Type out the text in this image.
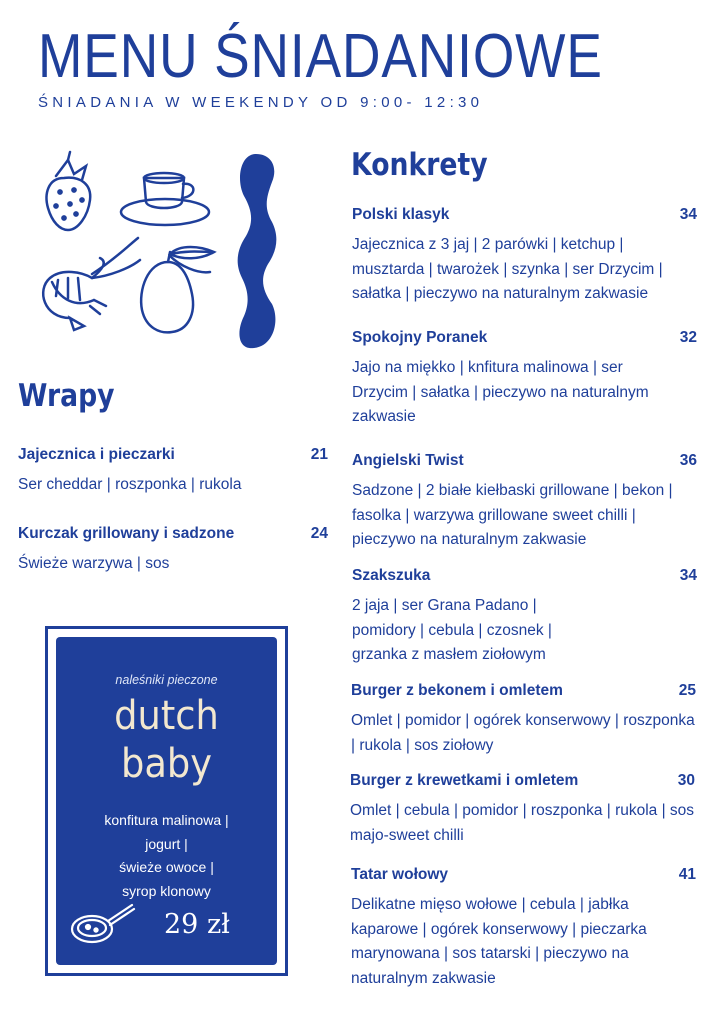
MENU ŚNIADANIOWE
ŚNIADANIA W WEEKENDY OD 9:00- 12:30
Wrapy
Jajecznica i pieczarki	21
Ser cheddar | roszponka | rukola
Kurczak grillowany i sadzone	24
Świeże warzywa | sos
naleśniki pieczone
dutch
baby
konfitura malinowa |
jogurt |
świeże owoce |
syrop klonowy
29 zł
Konkrety
Polski klasyk	34
Jajecznica z 3 jaj | 2 parówki | ketchup | musztarda | twarożek | szynka | ser Drzycim | sałatka | pieczywo na naturalnym zakwasie
Spokojny Poranek	32
Jajo na miękko | knfitura malinowa | ser Drzycim | sałatka | pieczywo na naturalnym zakwasie
Angielski Twist	36
Sadzone | 2 białe kiełbaski grillowane | bekon | fasolka | warzywa grillowane sweet chilli | pieczywo na naturalnym zakwasie
Szakszuka	34
2 jaja | ser Grana Padano | pomidory | cebula | czosnek | grzanka z masłem ziołowym
Burger z bekonem i omletem	25
Omlet | pomidor | ogórek konserwowy | roszponka | rukola | sos ziołowy
Burger z krewetkami i omletem	30
Omlet | cebula | pomidor | roszponka | rukola | sos majo-sweet chilli
Tatar wołowy	41
Delikatne mięso wołowe | cebula | jabłka kaparowe | ogórek konserwowy | pieczarka marynowana | sos tatarski | pieczywo na naturalnym zakwasie
